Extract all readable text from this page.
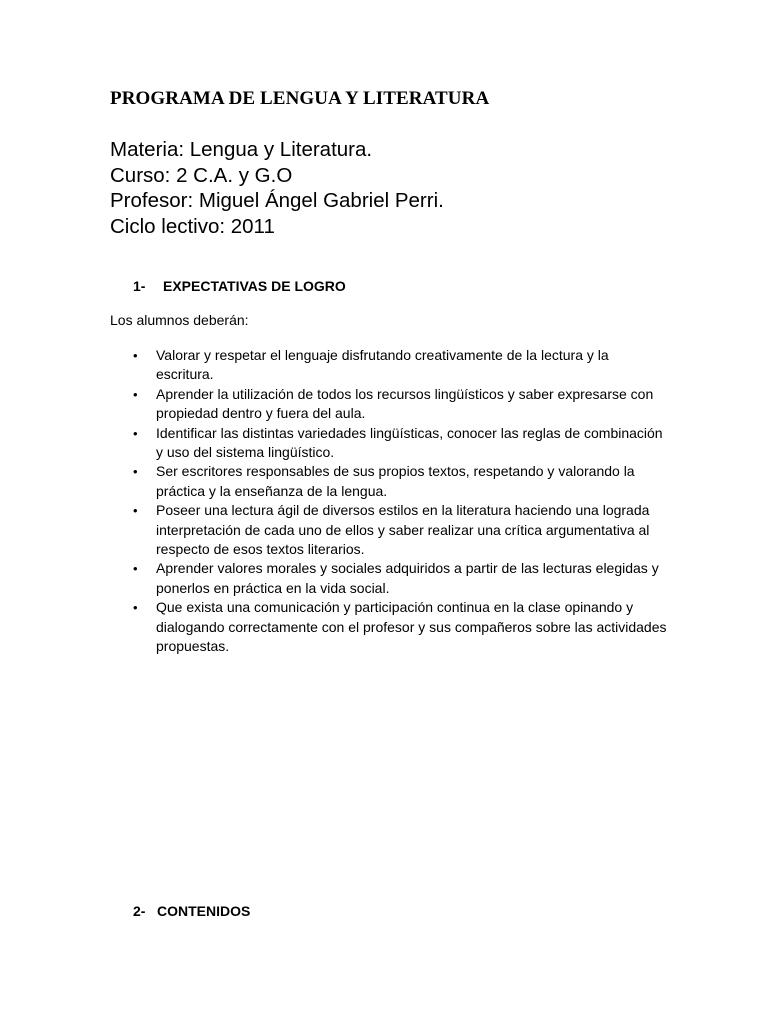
PROGRAMA DE LENGUA Y LITERATURA
Materia: Lengua y Literatura.
Curso: 2 C.A. y G.O
Profesor: Miguel Ángel Gabriel Perri.
Ciclo lectivo: 2011
1- EXPECTATIVAS DE LOGRO

Los alumnos deberán:

• Valorar y respetar el lenguaje disfrutando creativamente de la lectura y la escritura.
• Aprender la utilización de todos los recursos lingüísticos y saber expresarse con propiedad dentro y fuera del aula.
• Identificar las distintas variedades lingüísticas, conocer las reglas de combinación y uso del sistema lingüístico.
• Ser escritores responsables de sus propios textos, respetando y valorando la práctica y la enseñanza de la lengua.
• Poseer una lectura ágil de diversos estilos en la literatura haciendo una lograda interpretación de cada uno de ellos y saber realizar una crítica argumentativa al respecto de esos textos literarios.
• Aprender valores morales y sociales adquiridos a partir de las lecturas elegidas y ponerlos en práctica en la vida social.
• Que exista una comunicación y participación continua en la clase opinando y dialogando correctamente con el profesor y sus compañeros sobre las actividades propuestas.
2- CONTENIDOS
